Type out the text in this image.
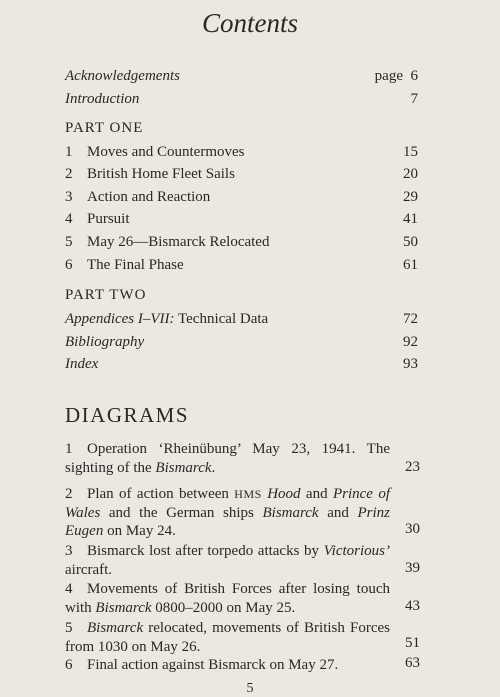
Contents
Acknowledgements	page 6
Introduction	7
PART ONE
1 Moves and Countermoves	15
2 British Home Fleet Sails	20
3 Action and Reaction	29
4 Pursuit	41
5 May 26—Bismarck Relocated	50
6 The Final Phase	61
PART TWO
Appendices I–VII: Technical Data	72
Bibliography	92
Index	93
DIAGRAMS
1 Operation ‘Rheinübung’ May 23, 1941. The sighting of the Bismarck.	23
2 Plan of action between HMS Hood and Prince of Wales and the German ships Bismarck and Prinz Eugen on May 24.	30
3 Bismarck lost after torpedo attacks by Victorious’ aircraft.	39
4 Movements of British Forces after losing touch with Bismarck 0800–2000 on May 25.	43
5 Bismarck relocated, movements of British Forces from 1030 on May 26.	51
6 Final action against Bismarck on May 27.	63
5
